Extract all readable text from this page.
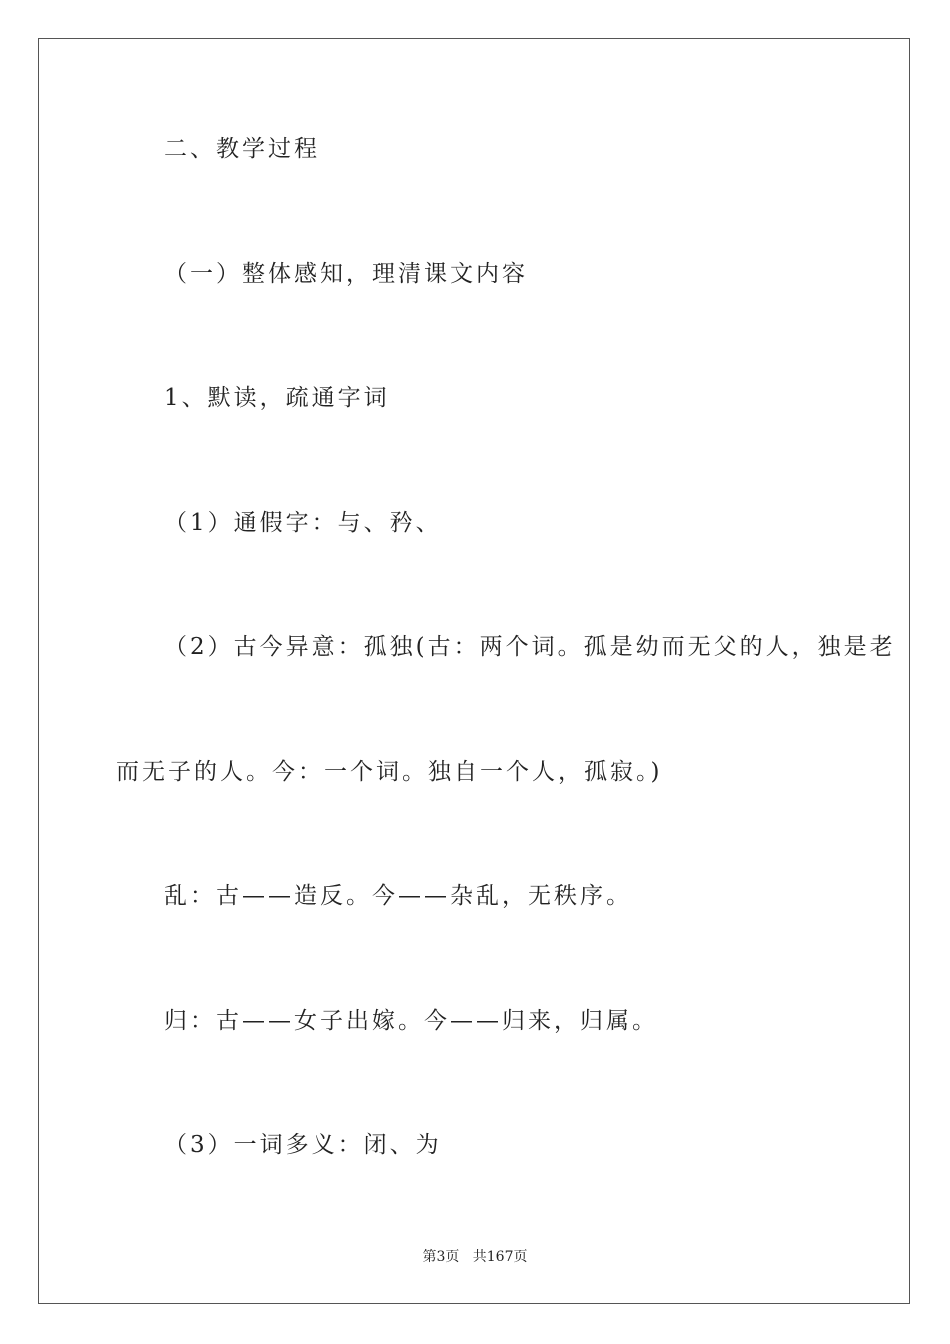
二、教学过程
（一）整体感知，理清课文内容
1、默读，疏通字词
（1）通假字：与、矜、
（2）古今异意：孤独(古：两个词。孤是幼而无父的人，独是老
而无子的人。今：一个词。独自一个人，孤寂。)
乱：古——造反。今——杂乱，无秩序。
归：古——女子出嫁。今——归来，归属。
（3）一词多义：闭、为
第3页 共167页
